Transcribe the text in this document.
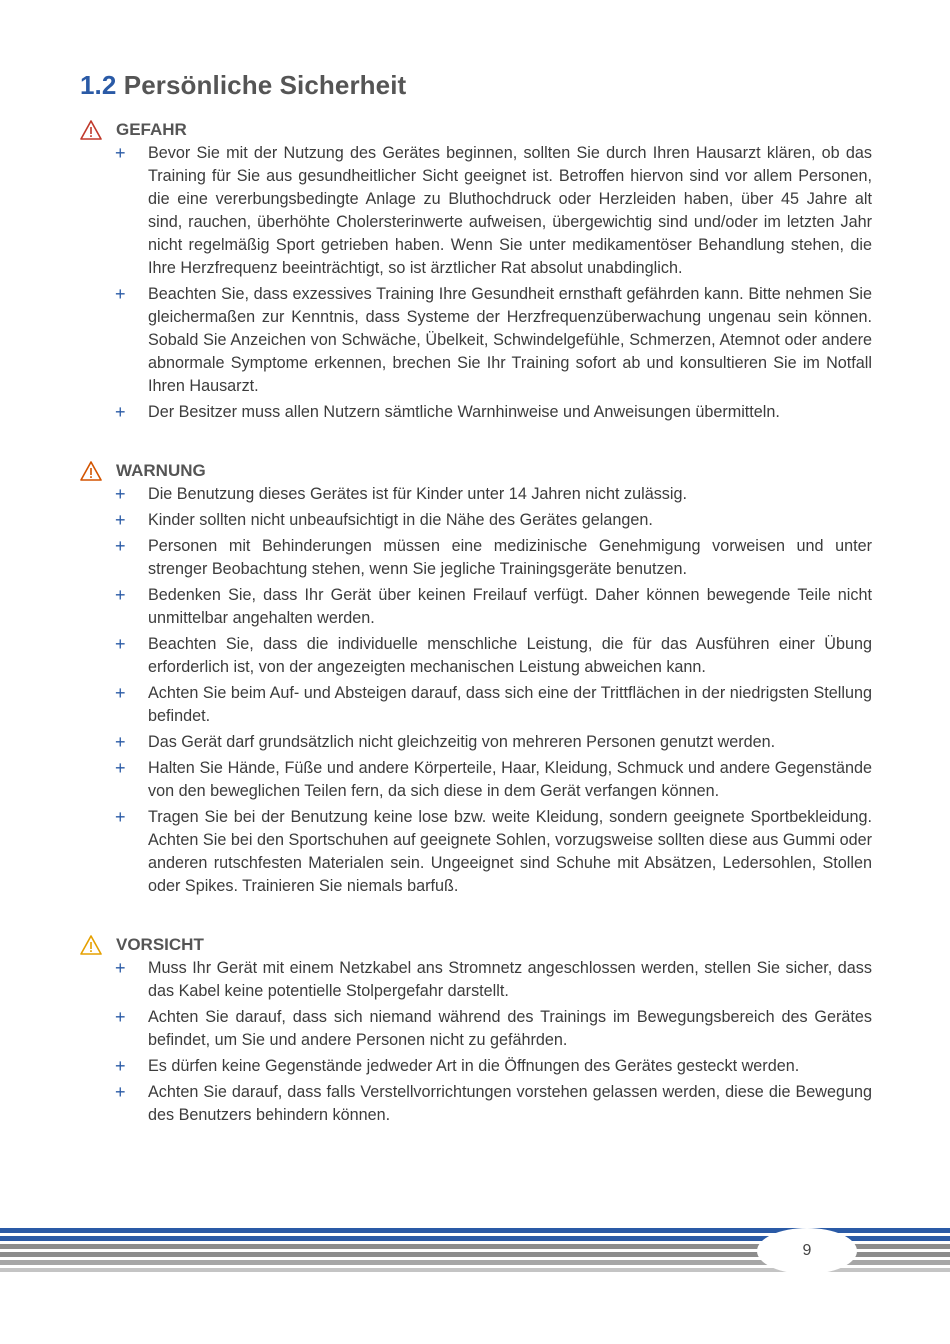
1.2 Persönliche Sicherheit
GEFAHR
+ Bevor Sie mit der Nutzung des Gerätes beginnen, sollten Sie durch Ihren Hausarzt klären, ob das Training für Sie aus gesundheitlicher Sicht geeignet ist. Betroffen hiervon sind vor allem Personen, die eine vererbungsbedingte Anlage zu Bluthochdruck oder Herzleiden haben, über 45 Jahre alt sind, rauchen, überhöhte Cholersterinwerte aufweisen, übergewichtig sind und/oder im letzten Jahr nicht regelmäßig Sport getrieben haben. Wenn Sie unter medikamentöser Behandlung stehen, die Ihre Herzfrequenz beeinträchtigt, so ist ärztlicher Rat absolut unabdinglich.
+ Beachten Sie, dass exzessives Training Ihre Gesundheit ernsthaft gefährden kann. Bitte nehmen Sie gleichermaßen zur Kenntnis, dass Systeme der Herzfrequenzüberwachung ungenau sein können. Sobald Sie Anzeichen von Schwäche, Übelkeit, Schwindelgefühle, Schmerzen, Atemnot oder andere abnormale Symptome erkennen, brechen Sie Ihr Training sofort ab und konsultieren Sie im Notfall Ihren Hausarzt.
+ Der Besitzer muss allen Nutzern sämtliche Warnhinweise und Anweisungen übermitteln.
WARNUNG
+ Die Benutzung dieses Gerätes ist für Kinder unter 14 Jahren nicht zulässig.
+ Kinder sollten nicht unbeaufsichtigt in die Nähe des Gerätes gelangen.
+ Personen mit Behinderungen müssen eine medizinische Genehmigung vorweisen und unter strenger Beobachtung stehen, wenn Sie jegliche Trainingsgeräte benutzen.
+ Bedenken Sie, dass Ihr Gerät über keinen Freilauf verfügt. Daher können bewegende Teile nicht unmittelbar angehalten werden.
+ Beachten Sie, dass die individuelle menschliche Leistung, die für das Ausführen einer Übung erforderlich ist, von der angezeigten mechanischen Leistung abweichen kann.
+ Achten Sie beim Auf- und Absteigen darauf, dass sich eine der Trittflächen in der niedrigsten Stellung befindet.
+ Das Gerät darf grundsätzlich nicht gleichzeitig von mehreren Personen genutzt werden.
+ Halten Sie Hände, Füße und andere Körperteile, Haar, Kleidung, Schmuck und andere Gegenstände von den beweglichen Teilen fern, da sich diese in dem Gerät verfangen können.
+ Tragen Sie bei der Benutzung keine lose bzw. weite Kleidung, sondern geeignete Sportbekleidung. Achten Sie bei den Sportschuhen auf geeignete Sohlen, vorzugsweise sollten diese aus Gummi oder anderen rutschfesten Materialen sein. Ungeeignet sind Schuhe mit Absätzen, Ledersohlen, Stollen oder Spikes. Trainieren Sie niemals barfuß.
VORSICHT
+ Muss Ihr Gerät mit einem Netzkabel ans Stromnetz angeschlossen werden, stellen Sie sicher, dass das Kabel keine potentielle Stolpergefahr darstellt.
+ Achten Sie darauf, dass sich niemand während des Trainings im Bewegungsbereich des Gerätes befindet, um Sie und andere Personen nicht zu gefährden.
+ Es dürfen keine Gegenstände jedweder Art in die Öffnungen des Gerätes gesteckt werden.
+ Achten Sie darauf, dass falls Verstellvorrichtungen vorstehen gelassen werden, diese die Bewegung des Benutzers behindern können.
9
